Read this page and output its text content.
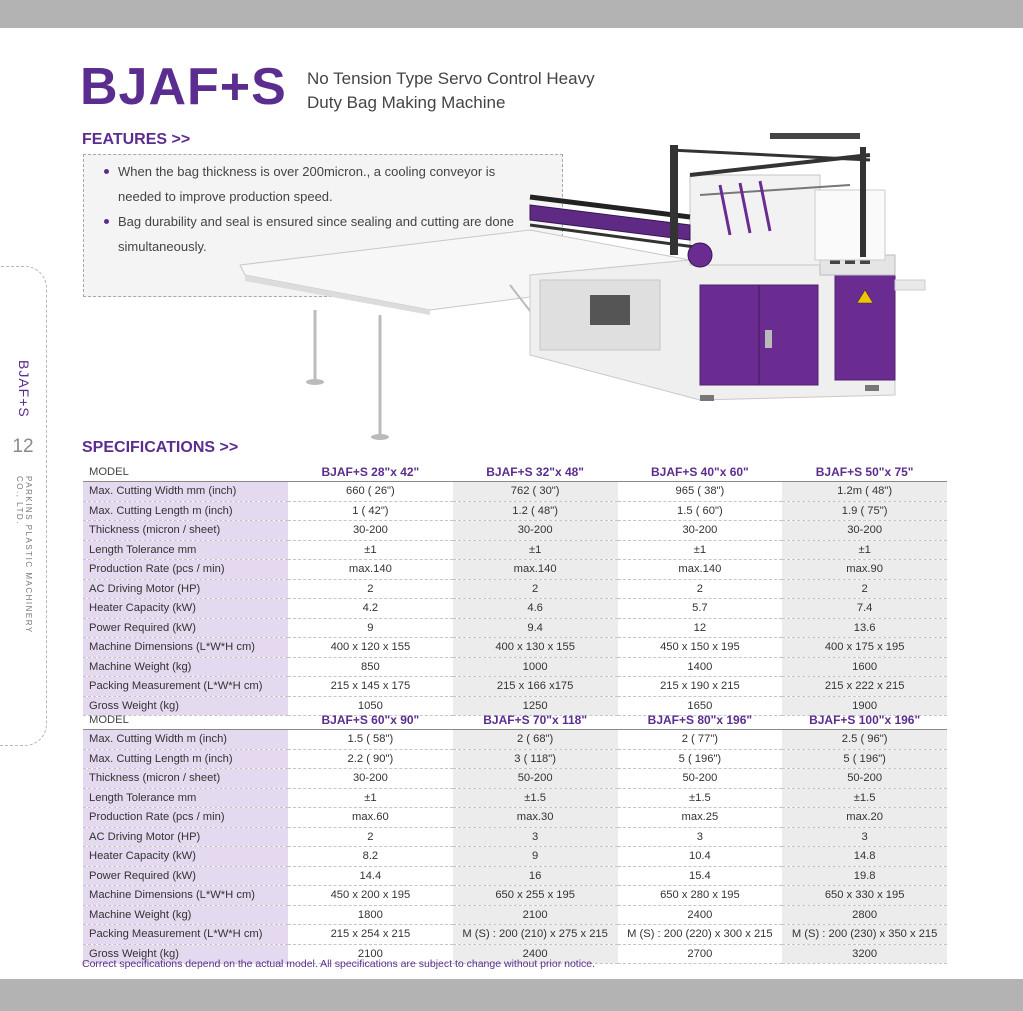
BJAF+S
12
PARKINS PLASTIC MACHINERY CO., LTD.
BJAF+S No Tension Type Servo Control Heavy
Duty Bag Making Machine
FEATURES >>
When the bag thickness is over 200micron., a cooling conveyor is needed to improve production speed.
Bag durability and seal is ensured since sealing and cutting are done simultaneously.
SPECIFICATIONS >>
MODEL	BJAF+S 28"x 42"	BJAF+S 32"x 48"	BJAF+S 40"x 60"	BJAF+S 50"x 75"
Max. Cutting Width mm (inch)	660 ( 26")	762 ( 30")	965 ( 38")	1.2m ( 48")
Max. Cutting Length m (inch)	1 ( 42")	1.2 ( 48")	1.5 ( 60")	1.9 ( 75")
Thickness (micron / sheet)	30-200	30-200	30-200	30-200
Length Tolerance mm	±1	±1	±1	±1
Production Rate (pcs / min)	max.140	max.140	max.140	max.90
AC Driving Motor (HP)	2	2	2	2
Heater Capacity (kW)	4.2	4.6	5.7	7.4
Power Required (kW)	9	9.4	12	13.6
Machine Dimensions (L*W*H cm)	400 x 120 x 155	400 x 130 x 155	450 x 150 x 195	400 x 175 x 195
Machine Weight (kg)	850	1000	1400	1600
Packing Measurement (L*W*H cm)	215 x 145 x 175	215 x 166 x175	215 x 190 x 215	215 x 222 x 215
Gross Weight (kg)	1050	1250	1650	1900
MODEL	BJAF+S 60"x 90"	BJAF+S 70"x 118"	BJAF+S 80"x 196"	BJAF+S 100"x 196"
Max. Cutting Width m (inch)	1.5 ( 58")	2 ( 68")	2 ( 77")	2.5 ( 96")
Max. Cutting Length m (inch)	2.2 ( 90")	3 ( 118")	5 ( 196")	5 ( 196")
Thickness (micron / sheet)	30-200	50-200	50-200	50-200
Length Tolerance mm	±1	±1.5	±1.5	±1.5
Production Rate (pcs / min)	max.60	max.30	max.25	max.20
AC Driving Motor (HP)	2	3	3	3
Heater Capacity (kW)	8.2	9	10.4	14.8
Power Required (kW)	14.4	16	15.4	19.8
Machine Dimensions (L*W*H cm)	450 x 200 x 195	650 x 255 x 195	650 x 280 x 195	650 x 330 x 195
Machine Weight (kg)	1800	2100	2400	2800
Packing Measurement (L*W*H cm)	215 x 254 x 215	M (S) : 200 (210) x 275 x 215	M (S) : 200 (220) x 300 x 215	M (S) : 200 (230) x 350 x 215
Gross Weight (kg)	2100	2400	2700	3200
Correct specifications depend on the actual model. All specifications are subject to change without prior notice.
